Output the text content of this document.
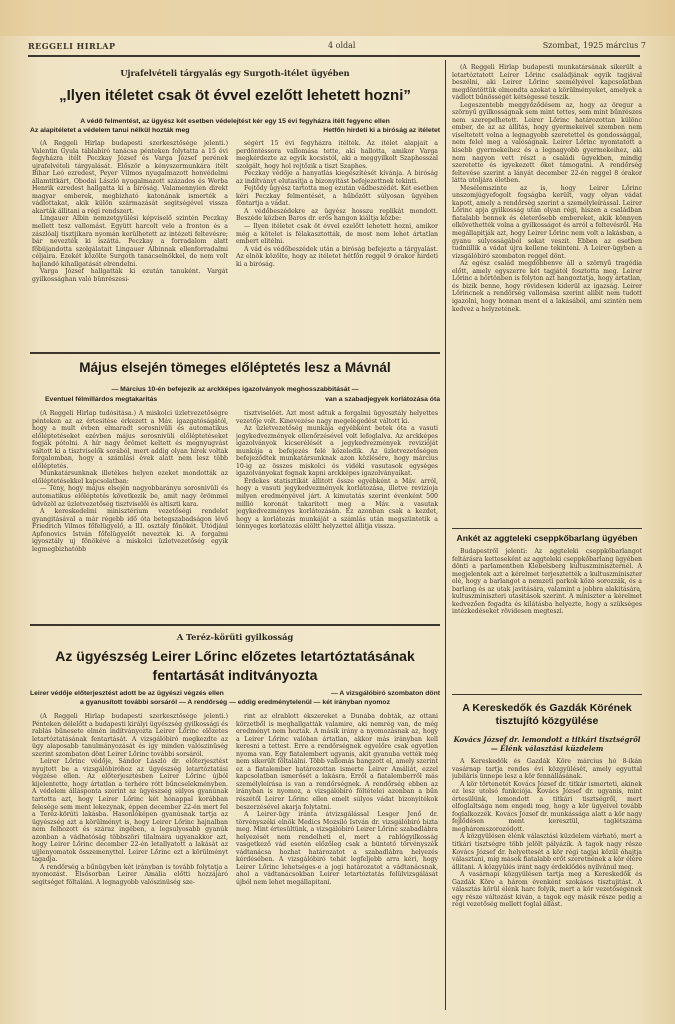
REGGELI HIRLAP	4 oldal	Szombat, 1925 március 7
Ujrafelvételi tárgyalás egy Surgoth-itélet ügyében
„Ilyen itéletet csak öt évvel ezelőtt lehetett hozni”
A védő felmentést, az ügyész két esetben védelejtést kér egy 15 évi fegyházra itélt fegyenc ellen
Az alapitéletet a védelem tanui nélkül hozták meg	Hetfőn hirdeti ki a biróság az itéletet

(A Reggeli Hirlap budapesti szerkesztősége jelenti.) Valentin Gyula táblabiró tanácsa pénteken folytatta a 15 évi fegyházra itélt Peczkay József és Varga József perének ujrafelvételi tárgyalását. Először a kényszermunkára itélt Bihar Leó ezredest, Peyer Vilmos nyugalmazott honvédelmi államtitkárt, Obodai László nyugalmazott százados és Werba Henrik ezredest hallgatta ki a biróság. Valamennyien direkt magyar emberek, megbizható katonának ismerték a vádlottakat, akik külön származását segitségével vissza akarták állitani a régi rendszert.

Lingauer Albin nemzetgyülési képviselő szintén Peczkay mellett tesz vallomást. Együtt harcolt vele a fronton és a zászlóalj tisztjikara nyomán kerülhetett az intézeti feltevésre; bár nevezték ki iszáttá. Peczkay a forradalom alatt főbüjandotta szolgálatait Lingauer Albinnak ellenforradalmi céljaira. Ezekét közölte Surgoth tanácselnökkel, de nem volt hajlandó kihallgatását elrendelni.

Varga József hallgatták ki ezután tanuként. Vargát gyilkossághan való bünrészesi-

ségért 15 évi fegyházra itélték. Az itélet alapjait a perdöntéssora vallomása tette, aki hallotta, amikor Varga megkérdezte az egyik kocsistól, aki a meggyilkolt Szaphesszal szolgált, hogy hol rejtőzik a tiszt Szaphes.

Peczkay védője a hanyatlás kiegészítését kívánja. A biróság az indítványt elutasítja a bizonyitást befejezettnek tekinti.

Fejtődy ügyész tartotta meg ezután vádbeszédét. Két esetben kéri Peczkay felmentését, a hűbőzött súlyosan ügyében föntartja a vádat.

A védőbeszédekre az ügyész hosszu replikát mondott. Beszéde közben Baros dr. erős hangon kiáltja közbe:

— Ilyen itéletet csak öt évvel ezelőtt lehetett hozni, amikor még a kötelet is félakasztották, de most nem lehet ártatlan embert elitélni.

A vád és védőbeszédek után a biróság befejezte a tárgyalást. Az elnök közölte, hogy az itéletet hétfőn reggel 9 órakor hirdeti ki a biróság.

Május elsején tömeges előléptetés lesz a Mávnál
— Március 10-én befejezik az arckképes igazolványok meghosszabbitását —
Eventuel félmillárdos megtakaritás	van a szabadjegyek korlátozása óta

(A Reggeli Hirlap tudósitása.) A miskolci üzletvezetőségre pénteken az az értesitése érkezett a Máv. igazgatóságától, hogy a mult évben elmaradt sorosnivüli és automatikus előléptetéseket ezévben május sorosnivüli előléptetéseket fogják pótolni. A hír nagy örömet keltett és megnyugvást váltott ki a tisztviselők sorából, mert addig olyan hírek voltak forgalomban, hogy a számlási évek alatt nem lesz több előléptetés.

Munkatársunknak illetékes helyen ezeket mondották az előléptetésekkel kapcsolatban:

— Tény, hogy május elsején nagyobbarányu sorosnivüli és automatikus előléptetés következik be, amit nagy örömmel üdvözöl az üzletvezetőség tisztviselői és altiszti kara.

A kereskedelmi minisztérium vezetőségi rendelet gyangitásával a már régebb idő óta betegszabadságon lévő Friedrich Vilmos főfelügyelő, a III. osztály főnökét. Utódjául Apfonovics István főfelügyelőt nevezték ki. A forgalmi igyosztály uj főnökévé a miskolci üzletvezetőség egyik legmegbizhatóbb

tisztviselőét. Azt most adtuk a forgalmi ügyosztály helyettes vezetője volt. Kinevezése nagy megelégedést váltott ki.

Az üzletvezetőség munkája egyébként betek óta a vasuti jegykedvezmények ellenőrzésével volt lefoglalva. Az arckképes igazolványok kicserélését a jegykedvezmények revizióját munkája a befejezés felé közeledik. Az üzletvezetőségen befejeződtek munkatársunknak azon közlésére, hogy március 10-ig az összes miskolci és vidéki vasutasok egységes igazolványokat fognak kapni arckképes igazolványaikat.

Érdekes statisztikát állitott össze egyébként a Máv. arról, hogy a vasuti jegykedvezmények korlátozása, illetve revizioja milyen eredményével járt. A kimutatás szerint évenként 500 millió koronát takaritott meg a Máv. a vasutak jegykedvezményes korlátozásán. Ez azonban csak a kezdet, hogy a korlátozás munkáját a számlás után megszüntetik a lénnyeges korlátozás elöltt helyzettel állitja vissza.

A Teréz-körüti gyilkosság
Az ügyészség Leirer Lőrinc előzetes letartóztatásának
fentartását inditványozta
Leirer védője előterjesztést adott be az ügyészi végzés ellen	— A vizsgálóbiró szombaton dönt
a gyanusított további sorsáról — A rendőrség — eddig eredménytelenül — két irányban nyomoz

(A Reggeli Hirlap budapesti szerkesztősége jelenti.) Pénteken délelőtt a budapesti királyi ügyészség gyilkossági és rablás bűnesete elmén indítványozta Leirer Lőrinc előzetes letartóztatásának fentartását. A vizsgálóbiró megkezdte az ügy alaposabb tanulmányozását és így minden valószinüség szerint szombaton dönt Leirer Lőrinc további sorsáról.

Leirer Lőrinc védője, Sándor László dr. előterjesztést nyujtott be a vizsgálóbiróhoz az ügyészség letartóztatási végzése ellen. Az előterjesztésben Leirer Lőrinc újból kijelentette, hogy ártatlan a terhére rótt bűncselekményben. A védelem állásponta szerint az ügyészség súlyos gyanúnak tartotta azt, hogy Leirer Lőrinc két hónappal korábban felesége sem ment lekezynak, éppen december 22-én mert fel a Teréz-körúti lakásba. Hasonlóképen gyanúsnak tartja az ügyészség azt a körülményt is, hogy Leirer Lőrinc hajnalban nem felhozott és száraz ingében, a legsulyosabb gyanúk azonban a vádhatóság többszöri tilalmára ugyanakkor azt, hogy Leirer Lőrinc december 22-én letallyatott a lakását az ujjlenyomatok összemenyttel. Leirer Lőrinc ezt a körülményt tagadja.

A rendőrség a bűnügyben két irányban is tovább folytatja a nyomozást. Elsősorban Leirer Amália előtti hozzájáró segitséget föltaláni. A legnagyobb valószinüség sze-

rint az elrablott ékszereket a Dunába dobták, az ottani körzetből is meghallgatták valamire, aki nemrég van, de még eredményt nem hoztak. A másik irány a nyomozásnak az, hogy a Leirer Lőrinc valóban ártatlan, akkor más irányban kell keresni a tettest. Erre a rendőrségnek egyelőre csak egyetlen nyoma van. Egy fiatalembert ugyanis, akit gyanuba vették még nem sikerült föltalálni. Több vallomás hangzott el, amely szerint ez a fiatalember határozottan ismerte Leirer Amáliát, ezzel kapcsolatban ismerősét a lakásra. Erről a fiatalemberről más személyleírása is van a rendőrségnek. A rendőrség ebben az irányban is nyomoz, a vizsgálóbiró föltételei azonban a bűn részétől Leirer Lőrinc ellen emelt súlyos vádat bizonyitékok beszerzésével akarja folytatni.

A Leirer-ügy iránta átvizsgálással Lesger Jenő dr. törvényszéki elnök Medics Mozsiló István dr. vizsgálóbiró bizta meg. Mint értesültünk, a vizsgálóbiró Leirer Lőrinc szabadlábra helyezését nem rendelheti el, mert a rablógyilkosság vasgetkező vád esetén előzőleg csak a büntető törvényszék vádtanácsa hozhat határozatot a szabadlábra helyezés kérdésében. A vizsgálóbiró tehát legfeljebb arra kéri, hogy Leirer Lőrinc lehetséges-e a jogi határozatot a vádtanácsnak, ahol a vádtanácsokban Leirer letartóztatás felülvizsgálását újból nem lehet megállapitani.

(A Reggeli Hirlap budapesti munkatársának sikerült a letartóztatott Leirer Lőrinc családjának egyik tagjával beszélni, aki Leirer Lőrinc személyével kapcsolatban megdöntöttük elmondta azokat a körülményeket, amelyek a vádlott bűnösségét kétségessé teszik.

Legeszentebb meggyőződésem az, hogy az öregur a szörnyű gyilkosságnak sem mint tettes, sem mint bűnrészes nem szerepelhetett. Leirer Lőrinc határozottan különc ember, de az az állítás, hogy gyermekeivel szemben nem viseltetett volna a legnagyobb szeretettel és gondossággal, nem felel meg a valóságnak. Leirer Lőrinc nyomtatott a kisebb gyermekeihez és a legnagyobb gyermekeihez, aki nem nagyon vett részt a családi ügyekben, mindig szeretette és igyekezett őket támogatni. A rendőrség feltevése szerint a lányát december 22-én reggel 8 órakor látta utoljára életben.

Mesélemszinte az is, hogy Leirer Lőrinc unszomjúgyefogolt fogságba került, vagy olyan vádat kapott, amely a rendőrség szerint a személyleírással. Leirer Lőrinc apja gyilkosság után olyan régi, hiszen a családban fiatalabb bennek és életerősebb embereket, akik könnyen elkövethették volna a gyilkosságot és arról a feltevésről. Ha megállapitják azt, hogy Leirer Lőrinc nem volt a lakásban, a gyanu súlyosságából sokat veszit. Ebben az esetben tudniillik a vádat újra kellene tekinteni. A Leirer-ügyben a vizsgálóbiró szombaton reggel dönt.

Az egész család megdöbbenve áll a szörnyű tragédia előtt, amely egyszerre két tagjától fosztotta meg. Leirer Lőrinc a börtönben is folyton azt hangoztatja, hogy ártatlan, és bizik benne, hogy rövidesen kiderül az igazság. Leirer Lőrincnek a rendőrség vallomása szerint alibit nem tudott igazolni, hogy honnan ment el a lakásából, ami szintén nem kedvez a helyzetének.

Ankét az aggteleki cseppkőbarlang ügyében

Budapestről jelenti: Az aggteleki cseppkőbarlangot feltárásra ketteseként az aggteleki cseppkőbarlang ügyében dönti a parlamentben Klebelsberg kultuszminiszternél. A megjelentek azt a kérelmet terjesztették a kultuszminiszter elé, hogy a barlangot a nemzeti parkok közé sorozzák, és a barlang és az utak javitására, valamint a jobbra alakitására, kultuszminiszteri utasitások szerint. A miniszter a kérelmet kedvezően fogadta és kilátásba helyezte, hogy a szükséges intézkedéseket rövidesen megteszi.

A Kereskedők és Gazdák Körének tisztujító közgyülése
Kovács József dr. lemondott a titkári tisztségről — Élénk választási küzdelem

A Kereskedők és Gazdák Köre március hó 8-ikán vasárnap tartja rendes évi közgyülését, amely egyuttal jubiláris ünnepe lesz a kör fennállásának.

A kör törtenetét Kovács József dr. titkár ismerteti, akinek ez lesz utolsó funkciója. Kovács József dr. ugyanis, mint értesülünk, lemondott a titkári tisztségről, mert elfoglaltsága nem engedi meg, hogy a kör ügyeivel tovább foglalkozzék. Kovács József dr. munkássága alatt a kör nagy fejlődésen ment keresztül, taglétszáma megháromszorozódott.

A közgyülésen élénk választási küzdelem várható, mert a titkári tisztségre több jelölt pályázik. A tagok nagy része Kovács József dr. helyettesét a kör régi tagjai közül óhajtja választani, míg mások fiatalabb erőt szeretnének a kör élére állitani. A közgyülés iránt nagy érdeklődés nyilvánul meg.

A vasárnapi közgyülésen tartja meg a Kereskedők és Gazdák Köre a három évenként szokásos tisztujitást. A választás körül élénk harc folyik, mert a kör vezetőségének egy része változást kiván, a tagok egy másik része pedig a régi vezetőség mellett foglal állást.
